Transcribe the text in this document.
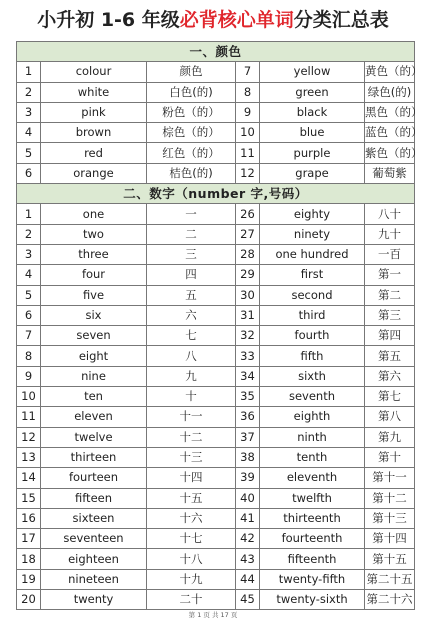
小升初 1-6 年级 必背核心单词 分类汇总表
一、颜色					
1	colour	颜色	7	yellow	黄色（的）
2	white	白色(的)	8	green	绿色(的)
3	pink	粉色（的）	9	black	黑色（的）
4	brown	棕色（的）	10	blue	蓝色（的）
5	red	红色（的）	11	purple	紫色（的）
6	orange	桔色(的)	12	grape	葡萄紫
二、数字（number 字,号码）					
1	one	一	26	eighty	八十
2	two	二	27	ninety	九十
3	three	三	28	one hundred	一百
4	four	四	29	first	第一
5	five	五	30	second	第二
6	six	六	31	third	第三
7	seven	七	32	fourth	第四
8	eight	八	33	fifth	第五
9	nine	九	34	sixth	第六
10	ten	十	35	seventh	第七
11	eleven	十一	36	eighth	第八
12	twelve	十二	37	ninth	第九
13	thirteen	十三	38	tenth	第十
14	fourteen	十四	39	eleventh	第十一
15	fifteen	十五	40	twelfth	第十二
16	sixteen	十六	41	thirteenth	第十三
17	seventeen	十七	42	fourteenth	第十四
18	eighteen	十八	43	fifteenth	第十五
19	nineteen	十九	44	twenty-fifth	第二十五
20	twenty	二十	45	twenty-sixth	第二十六
第 1 页 共 17 页
